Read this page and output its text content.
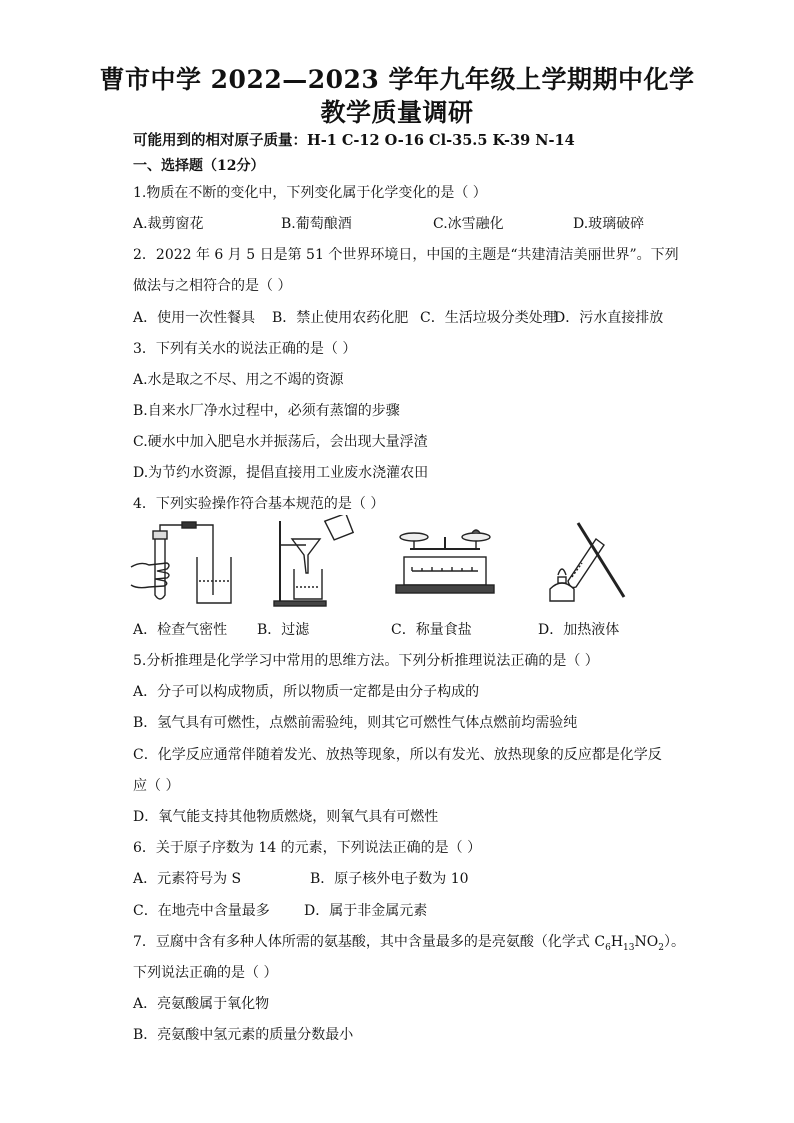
曹市中学 2022—2023 学年九年级上学期期中化学
教学质量调研
可能用到的相对原子质量：H-1 C-12 O-16 Cl-35.5 K-39 N-14
一、选择题（12分）
1.物质在不断的变化中，下列变化属于化学变化的是（ ）
A.裁剪窗花	B.葡萄酿酒	C.冰雪融化	D.玻璃破碎
2．2022 年 6 月 5 日是第 51 个世界环境日，中国的主题是“共建清洁美丽世界”。下列
做法与之相符合的是（ ）
A．使用一次性餐具 B．禁止使用农药化肥 C．生活垃圾分类处理D．污水直接排放
3．下列有关水的说法正确的是（ ）
A.水是取之不尽、用之不竭的资源
B.自来水厂净水过程中，必须有蒸馏的步骤
C.硬水中加入肥皂水并振荡后，会出现大量浮渣
D.为节约水资源，提倡直接用工业废水浇灌农田
4．下列实验操作符合基本规范的是（ ）
A．检查气密性 B．过滤	C．称量食盐	D．加热液体
5.分析推理是化学学习中常用的思维方法。下列分析推理说法正确的是（ ）
A．分子可以构成物质，所以物质一定都是由分子构成的
B．氢气具有可燃性，点燃前需验纯，则其它可燃性气体点燃前均需验纯
C．化学反应通常伴随着发光、放热等现象，所以有发光、放热现象的反应都是化学反
应（ ）
D．氧气能支持其他物质燃烧，则氧气具有可燃性
6．关于原子序数为 14 的元素，下列说法正确的是（ ）
A．元素符号为 S	B．原子核外电子数为 10
C．在地壳中含量最多 D．属于非金属元素
7．豆腐中含有多种人体所需的氨基酸，其中含量最多的是亮氨酸（化学式 $C_6H_{13}NO_2$）。
下列说法正确的是（ ）
A．亮氨酸属于氧化物
B．亮氨酸中氢元素的质量分数最小
